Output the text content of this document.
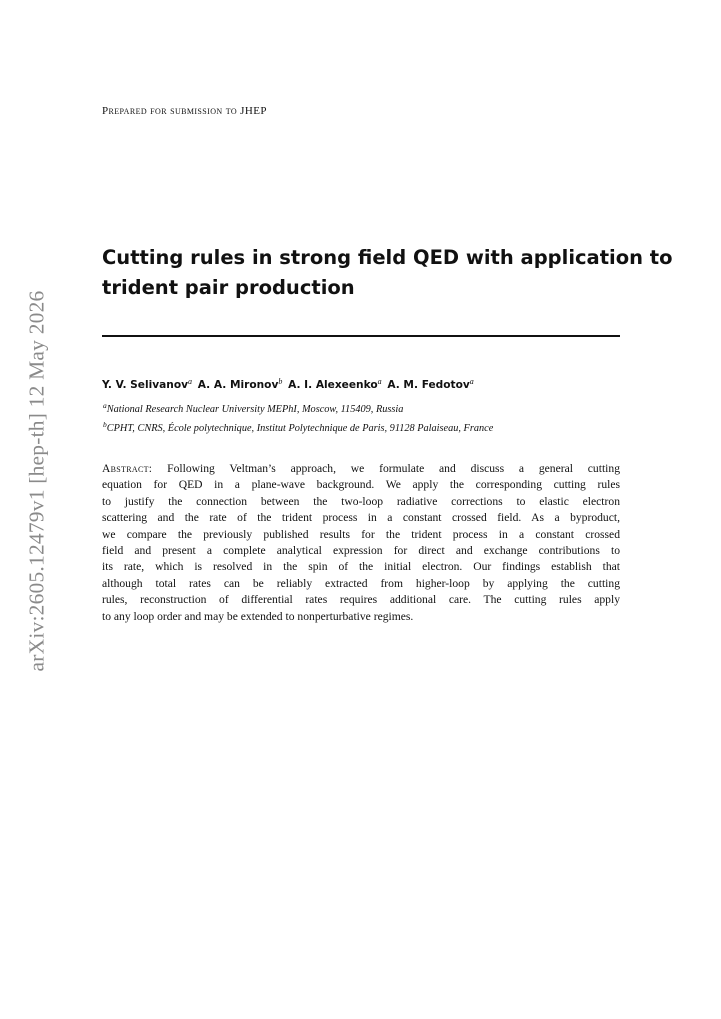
arXiv:2605.12479v1 [hep-th] 12 May 2026
Prepared for submission to JHEP
Cutting rules in strong field QED with application to
trident pair production
Y. V. Selivanov$^a$ A. A. Mironov$^b$ A. I. Alexeenko$^a$ A. M. Fedotov$^a$
$^a$National Research Nuclear University MEPhI, Moscow, 115409, Russia
$^b$CPHT, CNRS, École polytechnique, Institut Polytechnique de Paris, 91128 Palaiseau, France
Abstract: Following Veltman’s approach, we formulate and discuss a general cutting
equation for QED in a plane-wave background. We apply the corresponding cutting rules
to justify the connection between the two-loop radiative corrections to elastic electron
scattering and the rate of the trident process in a constant crossed field. As a byproduct,
we compare the previously published results for the trident process in a constant crossed
field and present a complete analytical expression for direct and exchange contributions to
its rate, which is resolved in the spin of the initial electron. Our findings establish that
although total rates can be reliably extracted from higher-loop by applying the cutting
rules, reconstruction of differential rates requires additional care. The cutting rules apply
to any loop order and may be extended to nonperturbative regimes.
